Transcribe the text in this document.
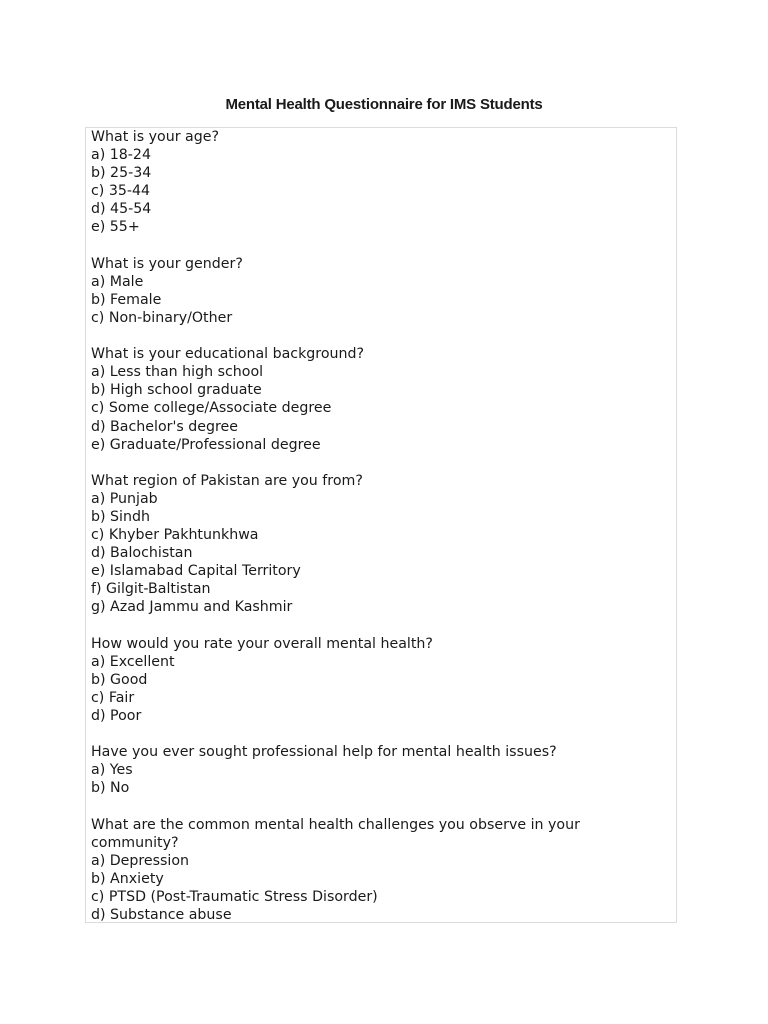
Mental Health Questionnaire for IMS Students
What is your age?
a) 18-24
b) 25-34
c) 35-44
d) 45-54
e) 55+
What is your gender?
a) Male
b) Female
c) Non-binary/Other
What is your educational background?
a) Less than high school
b) High school graduate
c) Some college/Associate degree
d) Bachelor's degree
e) Graduate/Professional degree
What region of Pakistan are you from?
a) Punjab
b) Sindh
c) Khyber Pakhtunkhwa
d) Balochistan
e) Islamabad Capital Territory
f) Gilgit-Baltistan
g) Azad Jammu and Kashmir
How would you rate your overall mental health?
a) Excellent
b) Good
c) Fair
d) Poor
Have you ever sought professional help for mental health issues?
a) Yes
b) No
What are the common mental health challenges you observe in your community?
a) Depression
b) Anxiety
c) PTSD (Post-Traumatic Stress Disorder)
d) Substance abuse
